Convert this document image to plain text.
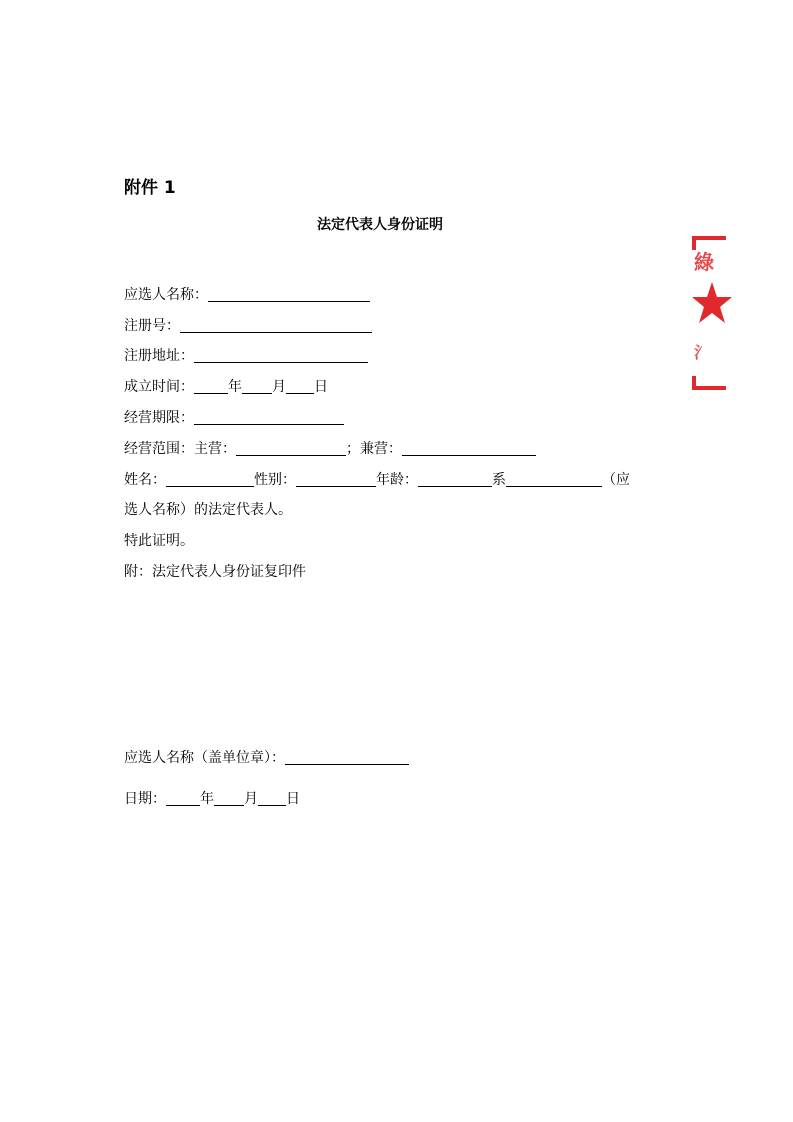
附件 1
法定代表人身份证明
应选人名称：
注册号：
注册地址：
成立时间： 年 月 日
经营期限：
经营范围：主营：	；兼营：
姓名：	性别：	年龄：	系	（应
选人名称）的法定代表人。
特此证明。
附：法定代表人身份证复印件
应选人名称（盖单位章）：
日期： 年 月 日
綠
氵
